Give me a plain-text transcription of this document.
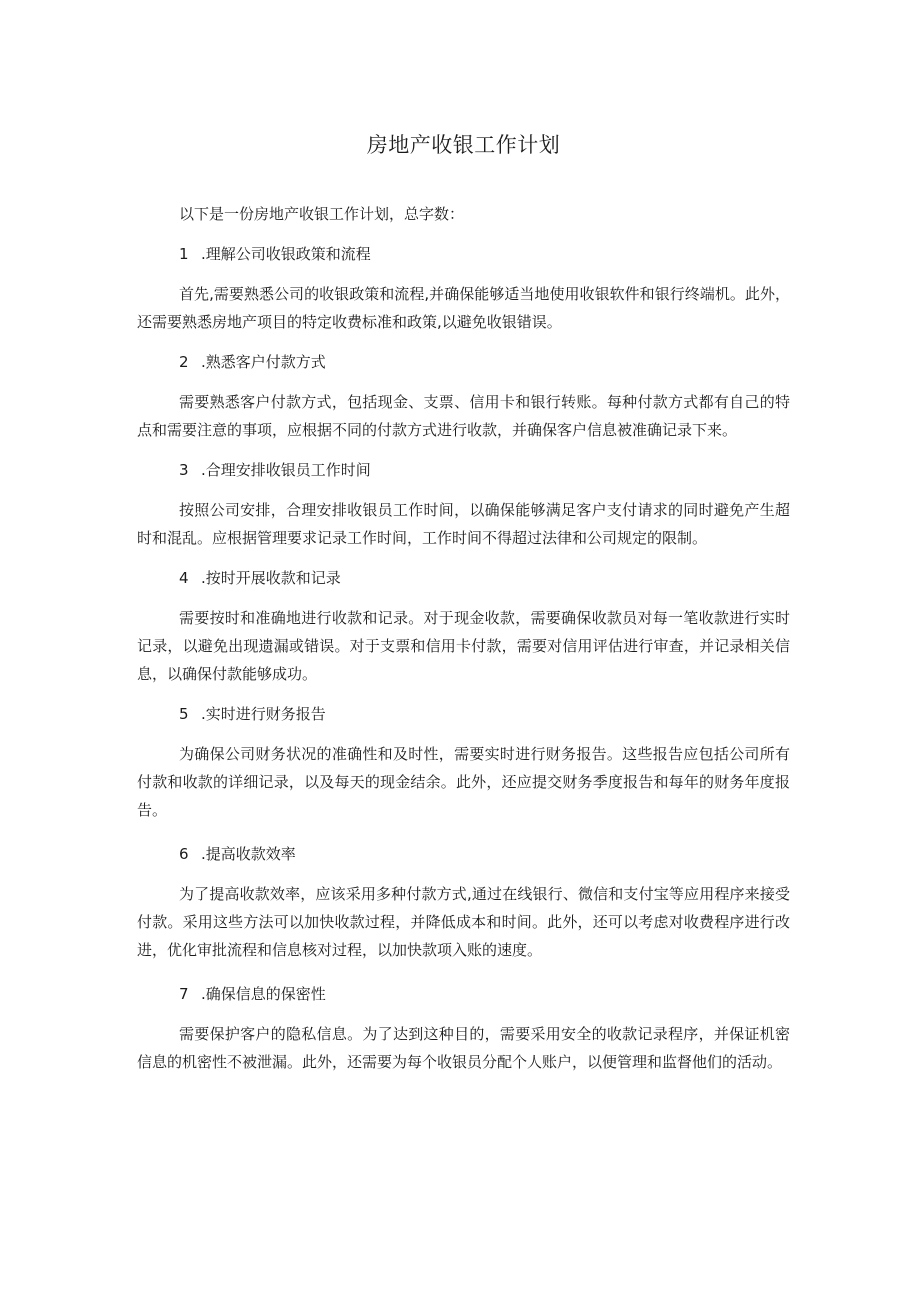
房地产收银工作计划

以下是一份房地产收银工作计划，总字数：

1 .理解公司收银政策和流程

首先,需要熟悉公司的收银政策和流程,并确保能够适当地使用收银软件和银行终端机。此外，还需要熟悉房地产项目的特定收费标准和政策,以避免收银错误。

2 .熟悉客户付款方式

需要熟悉客户付款方式，包括现金、支票、信用卡和银行转账。每种付款方式都有自己的特点和需要注意的事项，应根据不同的付款方式进行收款，并确保客户信息被准确记录下来。

3 .合理安排收银员工作时间

按照公司安排，合理安排收银员工作时间，以确保能够满足客户支付请求的同时避免产生超时和混乱。应根据管理要求记录工作时间，工作时间不得超过法律和公司规定的限制。

4 .按时开展收款和记录

需要按时和准确地进行收款和记录。对于现金收款，需要确保收款员对每一笔收款进行实时记录，以避免出现遗漏或错误。对于支票和信用卡付款，需要对信用评估进行审查，并记录相关信息，以确保付款能够成功。

5 .实时进行财务报告

为确保公司财务状况的准确性和及时性，需要实时进行财务报告。这些报告应包括公司所有付款和收款的详细记录，以及每天的现金结余。此外，还应提交财务季度报告和每年的财务年度报告。

6 .提高收款效率

为了提高收款效率，应该采用多种付款方式,通过在线银行、微信和支付宝等应用程序来接受付款。采用这些方法可以加快收款过程，并降低成本和时间。此外，还可以考虑对收费程序进行改进，优化审批流程和信息核对过程，以加快款项入账的速度。

7 .确保信息的保密性

需要保护客户的隐私信息。为了达到这种目的，需要采用安全的收款记录程序，并保证机密信息的机密性不被泄漏。此外，还需要为每个收银员分配个人账户，以便管理和监督他们的活动。
